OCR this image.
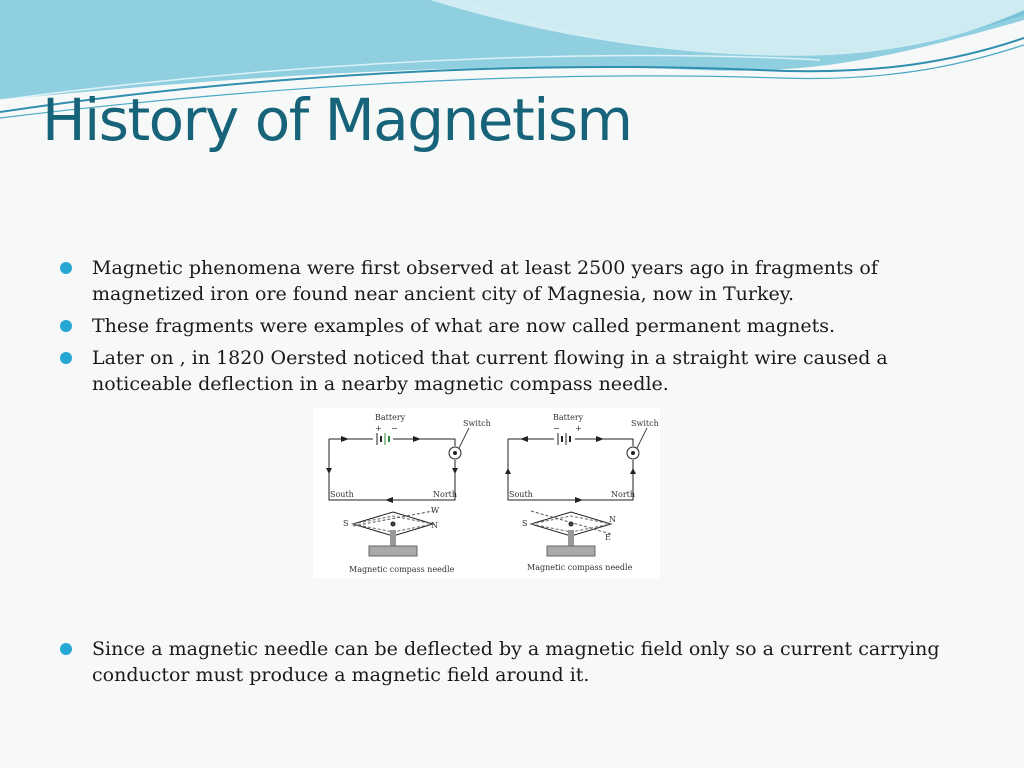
History of Magnetism
Magnetic phenomena were first observed at least 2500 years ago in fragments of magnetized iron ore found near ancient city of Magnesia, now in Turkey.
These fragments were examples of what are now called permanent magnets.
Later on , in 1820 Oersted noticed that current flowing in a straight wire caused a noticeable deflection in a nearby magnetic compass needle.
Battery
+ −
Switch
South	North
S	N
W
Magnetic compass needle
Battery
− +
Switch
South	North
S	N
E
Magnetic compass needle
Since a magnetic needle can be deflected by a magnetic field only so a current carrying conductor must produce a magnetic field around it.
